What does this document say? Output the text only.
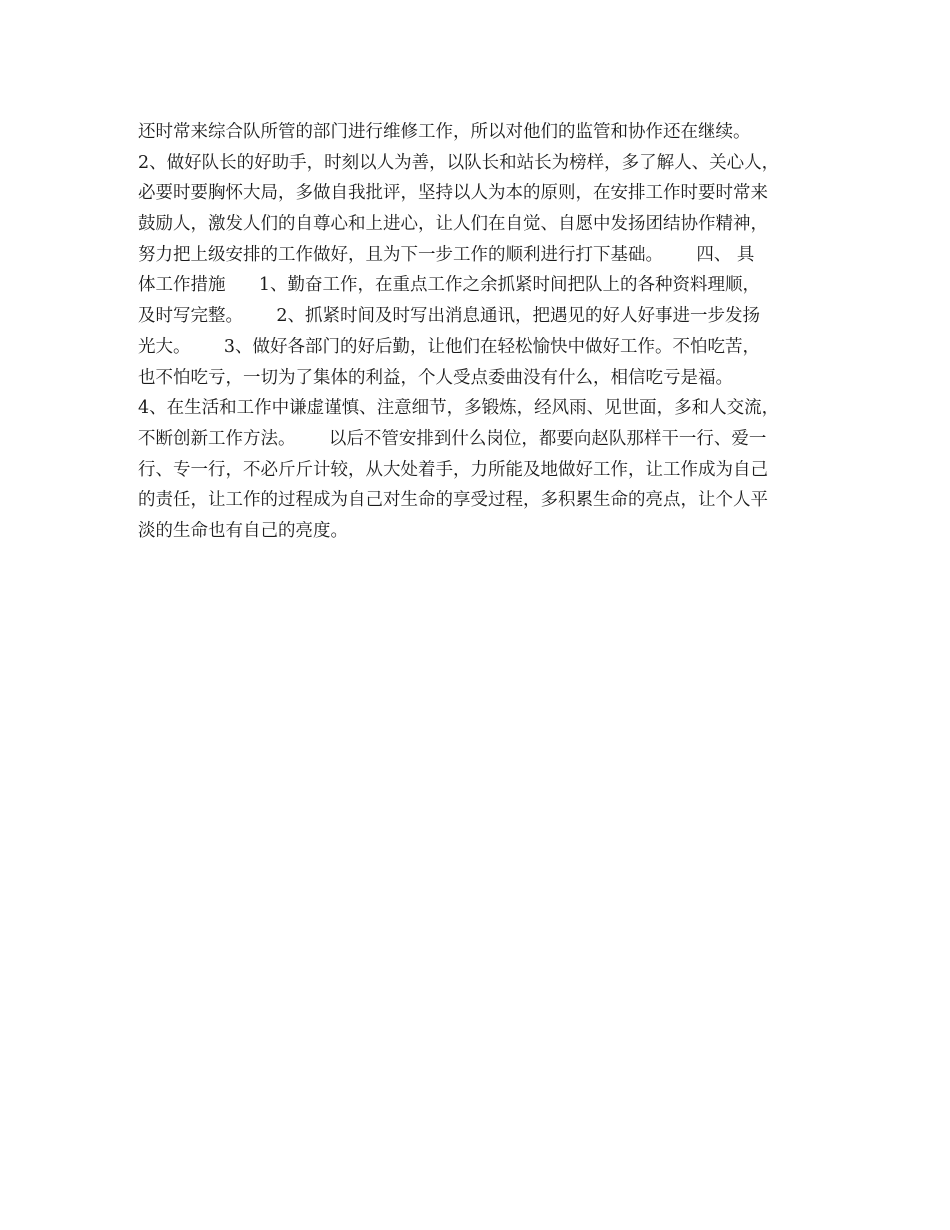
还时常来综合队所管的部门进行维修工作，所以对他们的监管和协作还在继续。
2、做好队长的好助手，时刻以人为善，以队长和站长为榜样，多了解人、关心人，
必要时要胸怀大局，多做自我批评，坚持以人为本的原则，在安排工作时要时常来
鼓励人，激发人们的自尊心和上进心，让人们在自觉、自愿中发扬团结协作精神，
努力把上级安排的工作做好，且为下一步工作的顺利进行打下基础。      四、 具
体工作措施      1、勤奋工作，在重点工作之余抓紧时间把队上的各种资料理顺，
及时写完整。      2、抓紧时间及时写出消息通讯，把遇见的好人好事进一步发扬
光大。      3、做好各部门的好后勤，让他们在轻松愉快中做好工作。不怕吃苦，
也不怕吃亏，一切为了集体的利益，个人受点委曲没有什么，相信吃亏是福。
4、在生活和工作中谦虚谨慎、注意细节，多锻炼，经风雨、见世面，多和人交流，
不断创新工作方法。      以后不管安排到什么岗位，都要向赵队那样干一行、爱一
行、专一行，不必斤斤计较，从大处着手，力所能及地做好工作，让工作成为自己
的责任，让工作的过程成为自己对生命的享受过程，多积累生命的亮点，让个人平
淡的生命也有自己的亮度。
